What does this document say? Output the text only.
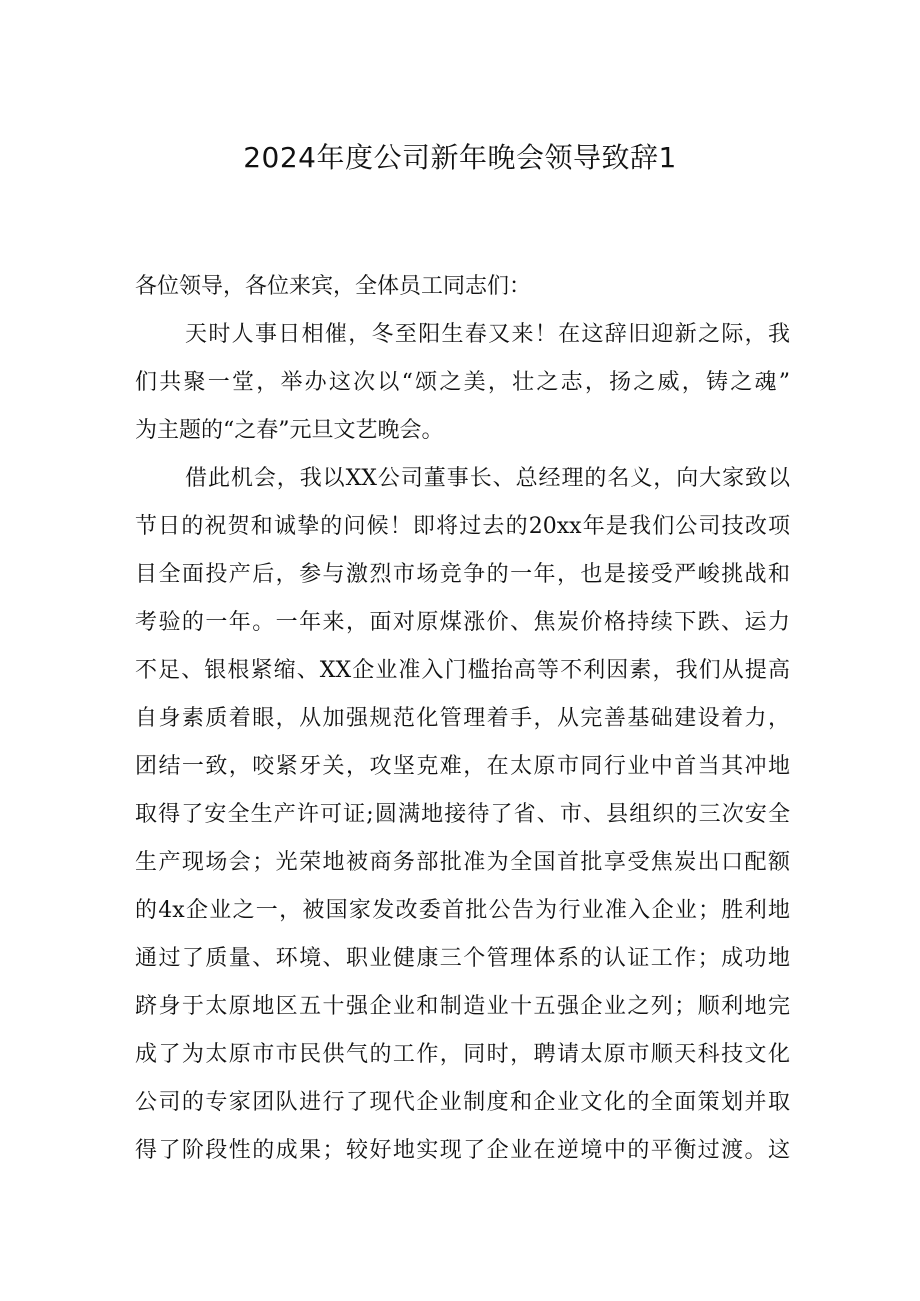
2024年度公司新年晚会领导致辞1
各位领导，各位来宾，全体员工同志们：
天时人事日相催，冬至阳生春又来！在这辞旧迎新之际，我
们共聚一堂，举办这次以“颂之美，壮之志，扬之威，铸之魂”
为主题的“之春”元旦文艺晚会。
借此机会，我以XX公司董事长、总经理的名义，向大家致以
节日的祝贺和诚挚的问候！即将过去的20xx年是我们公司技改项
目全面投产后，参与激烈市场竞争的一年，也是接受严峻挑战和
考验的一年。一年来，面对原煤涨价、焦炭价格持续下跌、运力
不足、银根紧缩、XX企业准入门槛抬高等不利因素，我们从提高
自身素质着眼，从加强规范化管理着手，从完善基础建设着力，
团结一致，咬紧牙关，攻坚克难，在太原市同行业中首当其冲地
取得了安全生产许可证;圆满地接待了省、市、县组织的三次安全
生产现场会；光荣地被商务部批准为全国首批享受焦炭出口配额
的4x企业之一，被国家发改委首批公告为行业准入企业；胜利地
通过了质量、环境、职业健康三个管理体系的认证工作；成功地
跻身于太原地区五十强企业和制造业十五强企业之列；顺利地完
成了为太原市市民供气的工作，同时，聘请太原市顺天科技文化
公司的专家团队进行了现代企业制度和企业文化的全面策划并取
得了阶段性的成果；较好地实现了企业在逆境中的平衡过渡。这
